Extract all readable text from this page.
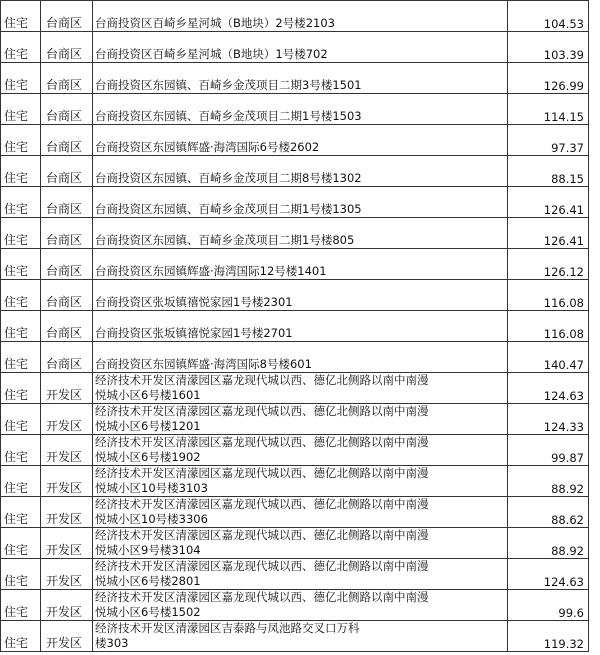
住宅	台商区	台商投资区百崎乡星河城（B地块）2号楼2103	104.53
住宅	台商区	台商投资区百崎乡星河城（B地块）1号楼702	103.39
住宅	台商区	台商投资区东园镇、百崎乡金茂项目二期3号楼1501	126.99
住宅	台商区	台商投资区东园镇、百崎乡金茂项目二期1号楼1503	114.15
住宅	台商区	台商投资区东园镇辉盛·海湾国际6号楼2602	97.37
住宅	台商区	台商投资区东园镇、百崎乡金茂项目二期8号楼1302	88.15
住宅	台商区	台商投资区东园镇、百崎乡金茂项目二期1号楼1305	126.41
住宅	台商区	台商投资区东园镇、百崎乡金茂项目二期1号楼805	126.41
住宅	台商区	台商投资区东园镇辉盛·海湾国际12号楼1401	126.12
住宅	台商区	台商投资区张坂镇禧悦家园1号楼2301	116.08
住宅	台商区	台商投资区张坂镇禧悦家园1号楼2701	116.08
住宅	台商区	台商投资区东园镇辉盛·海湾国际8号楼601	140.47
住宅	开发区	经济技术开发区清濛园区嘉龙现代城以西、德亿北侧路以南中南漫
悦城小区6号楼1601	124.63
住宅	开发区	经济技术开发区清濛园区嘉龙现代城以西、德亿北侧路以南中南漫
悦城小区6号楼1201	124.33
住宅	开发区	经济技术开发区清濛园区嘉龙现代城以西、德亿北侧路以南中南漫
悦城小区6号楼1902	99.87
住宅	开发区	经济技术开发区清濛园区嘉龙现代城以西、德亿北侧路以南中南漫
悦城小区10号楼3103	88.92
住宅	开发区	经济技术开发区清濛园区嘉龙现代城以西、德亿北侧路以南中南漫
悦城小区10号楼3306	88.62
住宅	开发区	经济技术开发区清濛园区嘉龙现代城以西、德亿北侧路以南中南漫
悦城小区9号楼3104	88.92
住宅	开发区	经济技术开发区清濛园区嘉龙现代城以西、德亿北侧路以南中南漫
悦城小区6号楼2801	124.63
住宅	开发区	经济技术开发区清濛园区嘉龙现代城以西、德亿北侧路以南中南漫
悦城小区6号楼1502	99.6
住宅	开发区	经济技术开发区清濛园区吉泰路与凤池路交叉口万科
楼303	119.32
